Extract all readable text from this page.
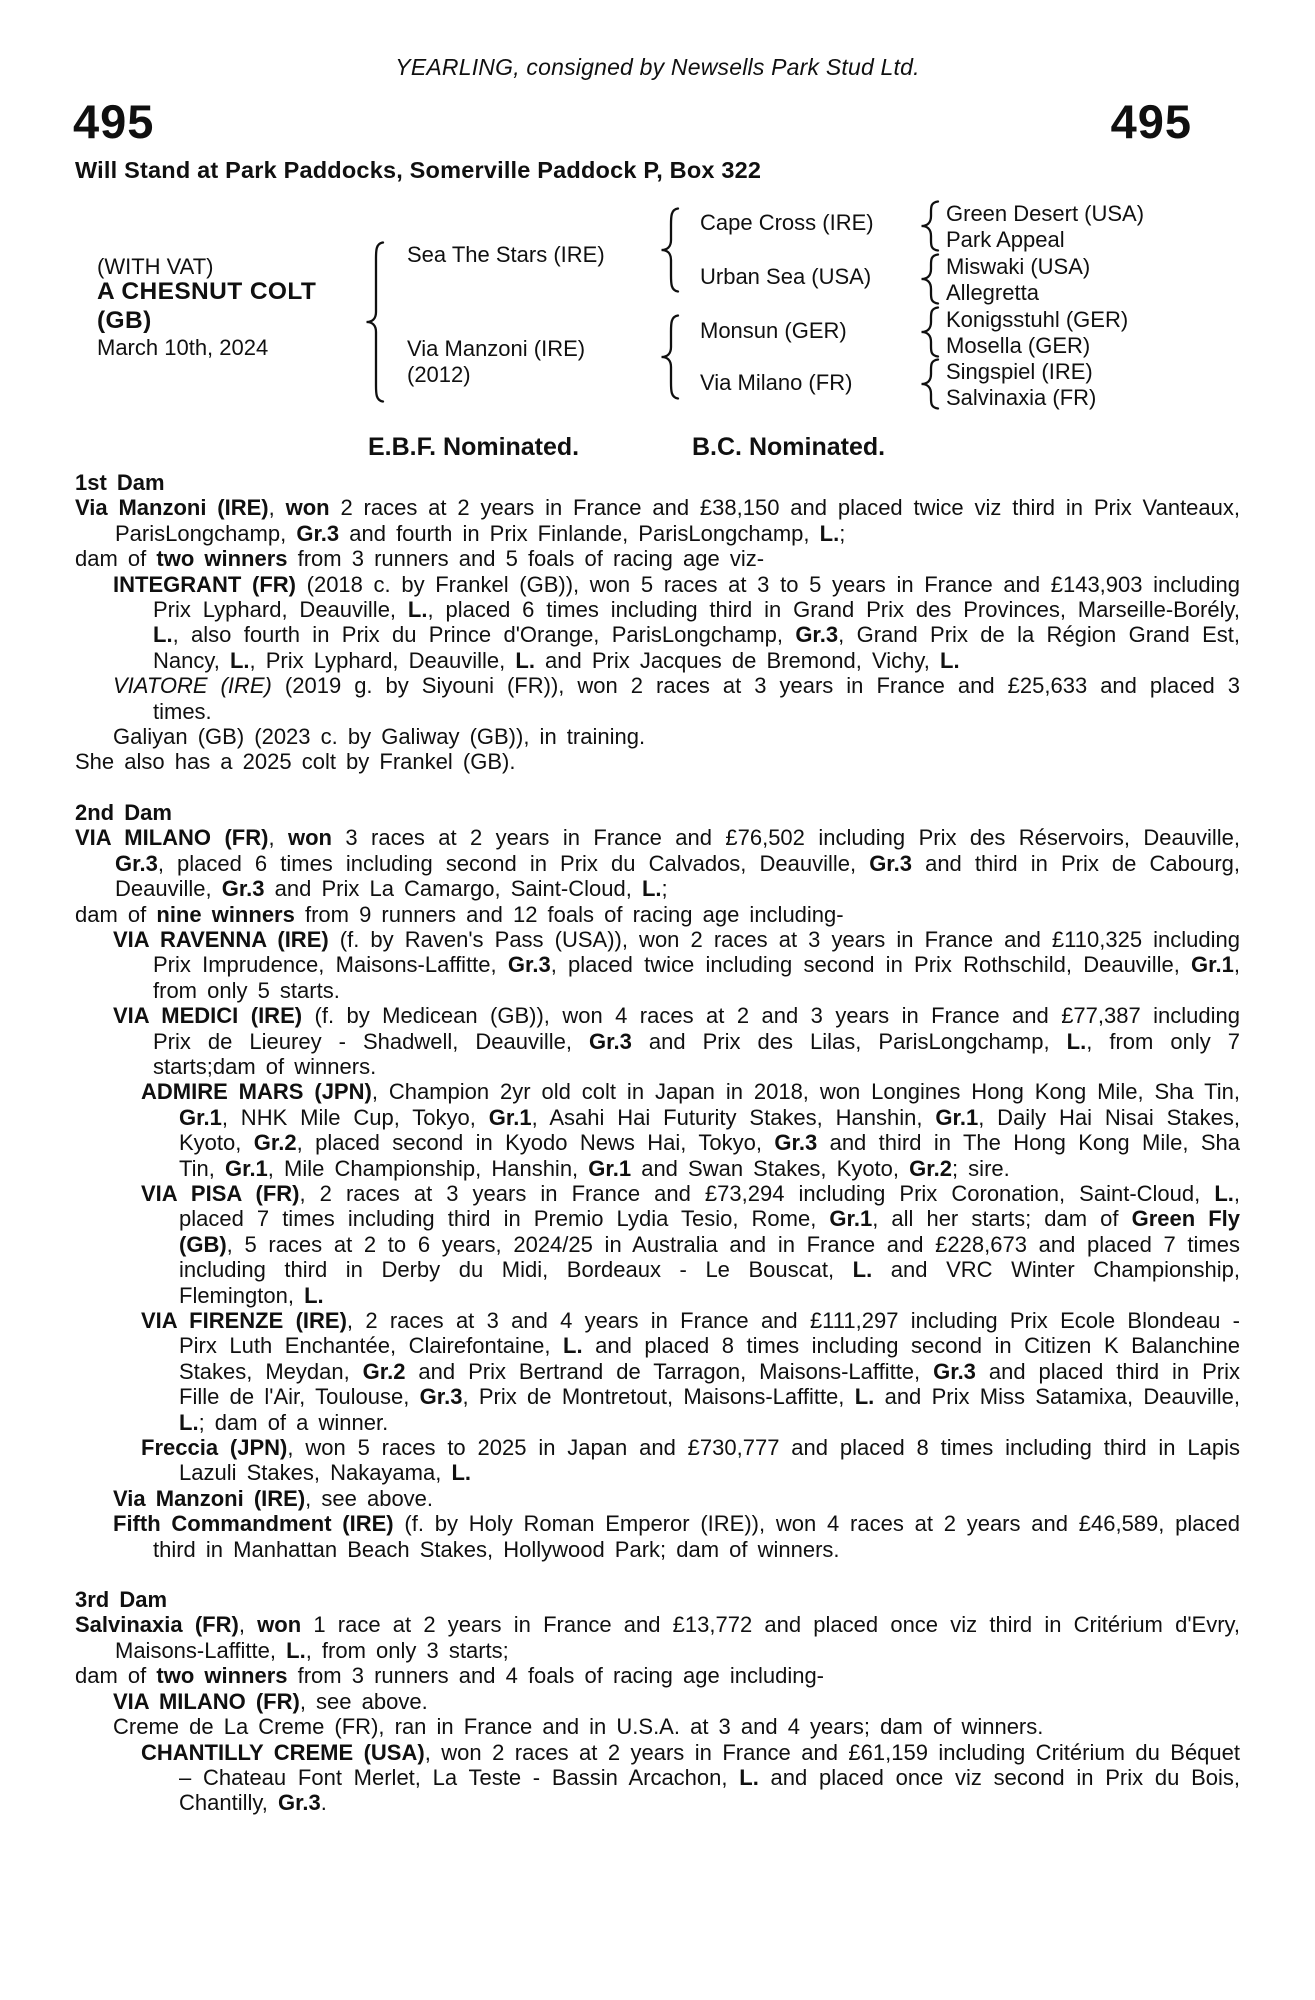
YEARLING, consigned by Newsells Park Stud Ltd.
495	495
Will Stand at Park Paddocks, Somerville Paddock P, Box 322
(WITH VAT)
A CHESNUT COLT
(GB)
March 10th, 2024
Sea The Stars (IRE)
Via Manzoni (IRE)
(2012)
Cape Cross (IRE)
Urban Sea (USA)
Monsun (GER)
Via Milano (FR)
Green Desert (USA)
Park Appeal
Miswaki (USA)
Allegretta
Konigsstuhl (GER)
Mosella (GER)
Singspiel (IRE)
Salvinaxia (FR)
E.B.F. Nominated.	B.C. Nominated.
1st Dam

Via Manzoni (IRE), won 2 races at 2 years in France and £38,150 and placed twice viz third in Prix Vanteaux, ParisLongchamp, Gr.3 and fourth in Prix Finlande, ParisLongchamp, L.;

dam of two winners from 3 runners and 5 foals of racing age viz-

INTEGRANT (FR) (2018 c. by Frankel (GB)), won 5 races at 3 to 5 years in France and £143,903 including Prix Lyphard, Deauville, L., placed 6 times including third in Grand Prix des Provinces, Marseille-Borély, L., also fourth in Prix du Prince d'Orange, ParisLongchamp, Gr.3, Grand Prix de la Région Grand Est, Nancy, L., Prix Lyphard, Deauville, L. and Prix Jacques de Bremond, Vichy, L.

VIATORE (IRE) (2019 g. by Siyouni (FR)), won 2 races at 3 years in France and £25,633 and placed 3 times.

Galiyan (GB) (2023 c. by Galiway (GB)), in training.

She also has a 2025 colt by Frankel (GB).

2nd Dam

VIA MILANO (FR), won 3 races at 2 years in France and £76,502 including Prix des Réservoirs, Deauville, Gr.3, placed 6 times including second in Prix du Calvados, Deauville, Gr.3 and third in Prix de Cabourg, Deauville, Gr.3 and Prix La Camargo, Saint-Cloud, L.;

dam of nine winners from 9 runners and 12 foals of racing age including-

VIA RAVENNA (IRE) (f. by Raven's Pass (USA)), won 2 races at 3 years in France and £110,325 including Prix Imprudence, Maisons-Laffitte, Gr.3, placed twice including second in Prix Rothschild, Deauville, Gr.1, from only 5 starts.

VIA MEDICI (IRE) (f. by Medicean (GB)), won 4 races at 2 and 3 years in France and £77,387 including Prix de Lieurey - Shadwell, Deauville, Gr.3 and Prix des Lilas, ParisLongchamp, L., from only 7 starts;dam of winners.

ADMIRE MARS (JPN), Champion 2yr old colt in Japan in 2018, won Longines Hong Kong Mile, Sha Tin, Gr.1, NHK Mile Cup, Tokyo, Gr.1, Asahi Hai Futurity Stakes, Hanshin, Gr.1, Daily Hai Nisai Stakes, Kyoto, Gr.2, placed second in Kyodo News Hai, Tokyo, Gr.3 and third in The Hong Kong Mile, Sha Tin, Gr.1, Mile Championship, Hanshin, Gr.1 and Swan Stakes, Kyoto, Gr.2; sire.

VIA PISA (FR), 2 races at 3 years in France and £73,294 including Prix Coronation, Saint-Cloud, L., placed 7 times including third in Premio Lydia Tesio, Rome, Gr.1, all her starts; dam of Green Fly (GB), 5 races at 2 to 6 years, 2024/25 in Australia and in France and £228,673 and placed 7 times including third in Derby du Midi, Bordeaux - Le Bouscat, L. and VRC Winter Championship, Flemington, L.

VIA FIRENZE (IRE), 2 races at 3 and 4 years in France and £111,297 including Prix Ecole Blondeau - Pirx Luth Enchantée, Clairefontaine, L. and placed 8 times including second in Citizen K Balanchine Stakes, Meydan, Gr.2 and Prix Bertrand de Tarragon, Maisons-Laffitte, Gr.3 and placed third in Prix Fille de l'Air, Toulouse, Gr.3, Prix de Montretout, Maisons-Laffitte, L. and Prix Miss Satamixa, Deauville, L.; dam of a winner.

Freccia (JPN), won 5 races to 2025 in Japan and £730,777 and placed 8 times including third in Lapis Lazuli Stakes, Nakayama, L.

Via Manzoni (IRE), see above.

Fifth Commandment (IRE) (f. by Holy Roman Emperor (IRE)), won 4 races at 2 years and £46,589, placed third in Manhattan Beach Stakes, Hollywood Park; dam of winners.

3rd Dam

Salvinaxia (FR), won 1 race at 2 years in France and £13,772 and placed once viz third in Critérium d'Evry, Maisons-Laffitte, L., from only 3 starts;

dam of two winners from 3 runners and 4 foals of racing age including-

VIA MILANO (FR), see above.

Creme de La Creme (FR), ran in France and in U.S.A. at 3 and 4 years; dam of winners.

CHANTILLY CREME (USA), won 2 races at 2 years in France and £61,159 including Critérium du Béquet – Chateau Font Merlet, La Teste - Bassin Arcachon, L. and placed once viz second in Prix du Bois, Chantilly, Gr.3.
